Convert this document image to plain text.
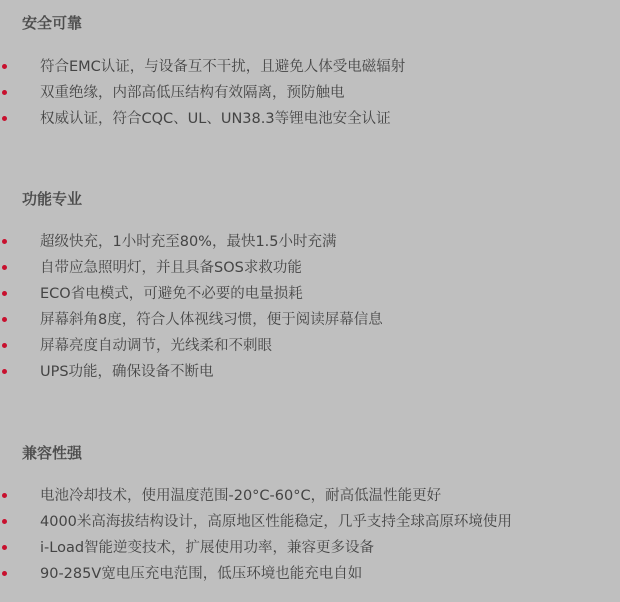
安全可靠
符合EMC认证，与设备互不干扰，且避免人体受电磁辐射
双重绝缘，内部高低压结构有效隔离，预防触电
权威认证，符合CQC、UL、UN38.3等锂电池安全认证
功能专业
超级快充，1小时充至80%，最快1.5小时充满
自带应急照明灯，并且具备SOS求救功能
ECO省电模式，可避免不必要的电量损耗
屏幕斜角8度，符合人体视线习惯，便于阅读屏幕信息
屏幕亮度自动调节，光线柔和不刺眼
UPS功能，确保设备不断电
兼容性强
电池冷却技术，使用温度范围-20°C-60°C，耐高低温性能更好
4000米高海拔结构设计，高原地区性能稳定，几乎支持全球高原环境使用
i-Load智能逆变技术，扩展使用功率，兼容更多设备
90-285V宽电压充电范围，低压环境也能充电自如
